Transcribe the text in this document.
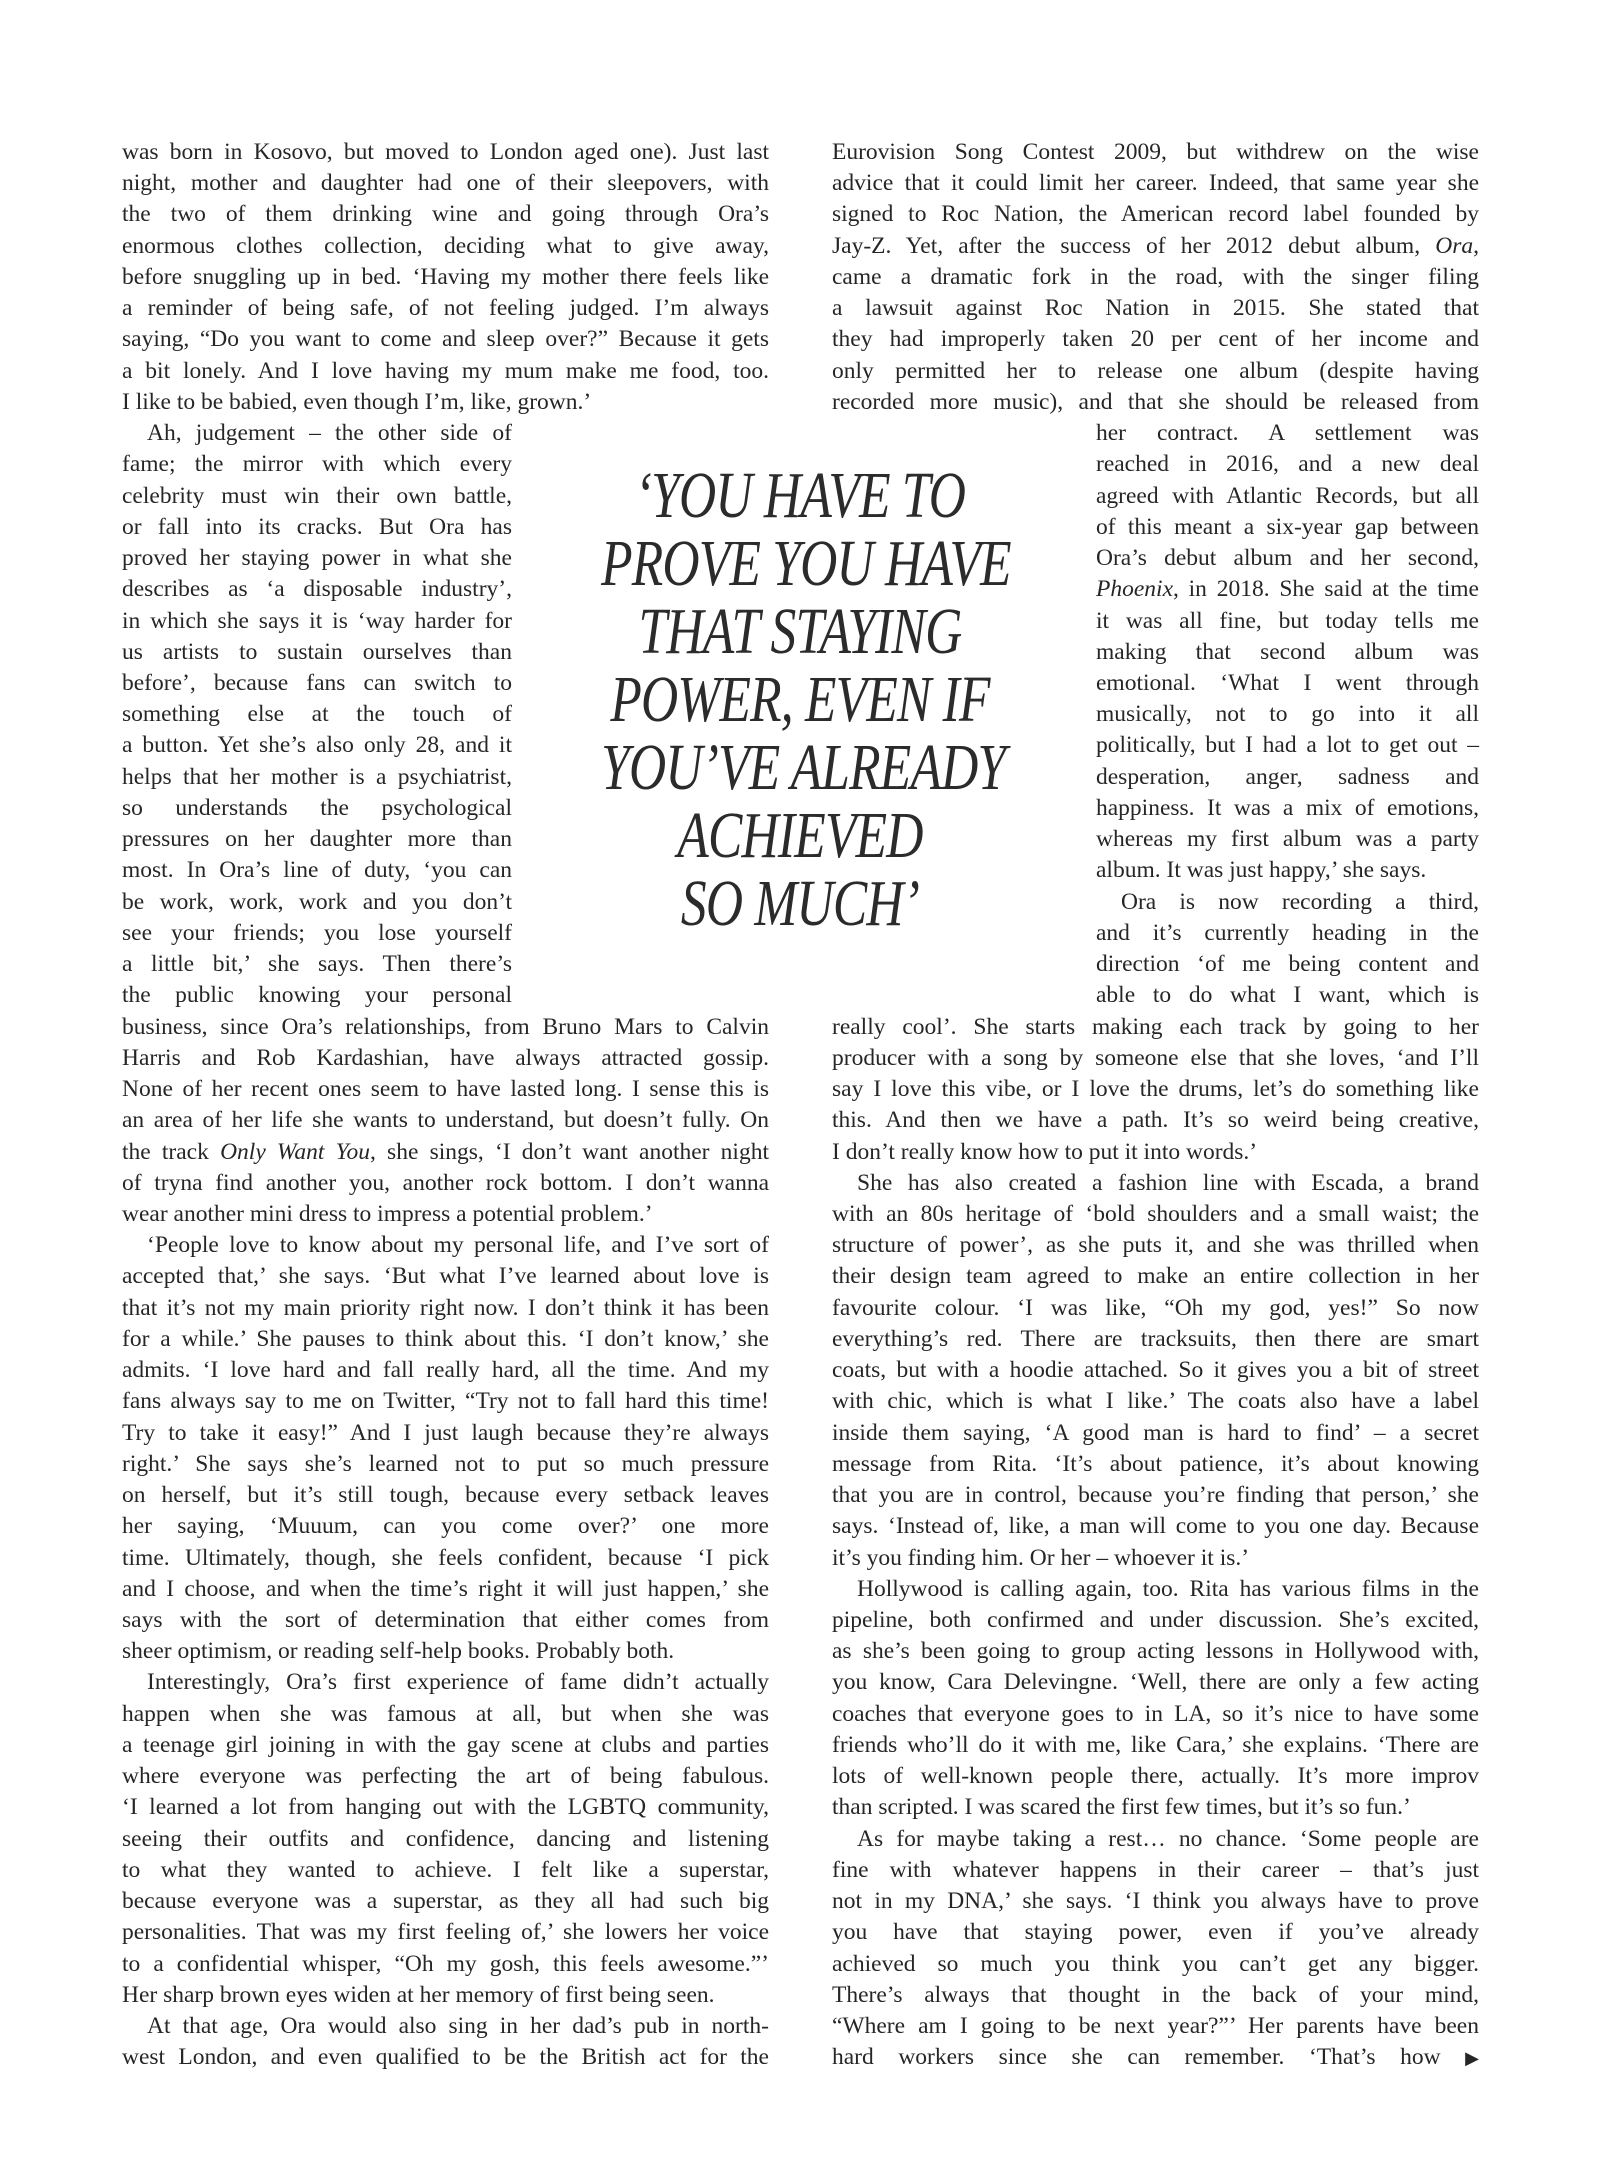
was born in Kosovo, but moved to London aged one). Just last
night, mother and daughter had one of their sleepovers, with
the two of them drinking wine and going through Ora’s
enormous clothes collection, deciding what to give away,
before snuggling up in bed. ‘Having my mother there feels like
a reminder of being safe, of not feeling judged. I’m always
saying, “Do you want to come and sleep over?” Because it gets
a bit lonely. And I love having my mum make me food, too.
I like to be babied, even though I’m, like, grown.’
Ah, judgement – the other side of
fame; the mirror with which every
celebrity must win their own battle,
or fall into its cracks. But Ora has
proved her staying power in what she
describes as ‘a disposable industry’,
in which she says it is ‘way harder for
us artists to sustain ourselves than
before’, because fans can switch to
something else at the touch of
a button. Yet she’s also only 28, and it
helps that her mother is a psychiatrist,
so understands the psychological
pressures on her daughter more than
most. In Ora’s line of duty, ‘you can
be work, work, work and you don’t
see your friends; you lose yourself
a little bit,’ she says. Then there’s
the public knowing your personal
business, since Ora’s relationships, from Bruno Mars to Calvin
Harris and Rob Kardashian, have always attracted gossip.
None of her recent ones seem to have lasted long. I sense this is
an area of her life she wants to understand, but doesn’t fully. On
the track Only Want You, she sings, ‘I don’t want another night
of tryna find another you, another rock bottom. I don’t wanna
wear another mini dress to impress a potential problem.’
‘People love to know about my personal life, and I’ve sort of
accepted that,’ she says. ‘But what I’ve learned about love is
that it’s not my main priority right now. I don’t think it has been
for a while.’ She pauses to think about this. ‘I don’t know,’ she
admits. ‘I love hard and fall really hard, all the time. And my
fans always say to me on Twitter, “Try not to fall hard this time!
Try to take it easy!” And I just laugh because they’re always
right.’ She says she’s learned not to put so much pressure
on herself, but it’s still tough, because every setback leaves
her saying, ‘Muuum, can you come over?’ one more
time. Ultimately, though, she feels confident, because ‘I pick
and I choose, and when the time’s right it will just happen,’ she
says with the sort of determination that either comes from
sheer optimism, or reading self-help books. Probably both.
Interestingly, Ora’s first experience of fame didn’t actually
happen when she was famous at all, but when she was
a teenage girl joining in with the gay scene at clubs and parties
where everyone was perfecting the art of being fabulous.
‘I learned a lot from hanging out with the LGBTQ community,
seeing their outfits and confidence, dancing and listening
to what they wanted to achieve. I felt like a superstar,
because everyone was a superstar, as they all had such big
personalities. That was my first feeling of,’ she lowers her voice
to a confidential whisper, “Oh my gosh, this feels awesome.”’
Her sharp brown eyes widen at her memory of first being seen.
At that age, Ora would also sing in her dad’s pub in north-
west London, and even qualified to be the British act for the
‘YOU HAVE TO
PROVE YOU HAVE
THAT STAYING
POWER, EVEN IF
YOU’VE ALREADY
ACHIEVED
SO MUCH’
Eurovision Song Contest 2009, but withdrew on the wise
advice that it could limit her career. Indeed, that same year she
signed to Roc Nation, the American record label founded by
Jay-Z. Yet, after the success of her 2012 debut album, Ora,
came a dramatic fork in the road, with the singer filing
a lawsuit against Roc Nation in 2015. She stated that
they had improperly taken 20 per cent of her income and
only permitted her to release one album (despite having
recorded more music), and that she should be released from
her contract. A settlement was
reached in 2016, and a new deal
agreed with Atlantic Records, but all
of this meant a six-year gap between
Ora’s debut album and her second,
Phoenix, in 2018. She said at the time
it was all fine, but today tells me
making that second album was
emotional. ‘What I went through
musically, not to go into it all
politically, but I had a lot to get out –
desperation, anger, sadness and
happiness. It was a mix of emotions,
whereas my first album was a party
album. It was just happy,’ she says.
Ora is now recording a third,
and it’s currently heading in the
direction ‘of me being content and
able to do what I want, which is
really cool’. She starts making each track by going to her
producer with a song by someone else that she loves, ‘and I’ll
say I love this vibe, or I love the drums, let’s do something like
this. And then we have a path. It’s so weird being creative,
I don’t really know how to put it into words.’
She has also created a fashion line with Escada, a brand
with an 80s heritage of ‘bold shoulders and a small waist; the
structure of power’, as she puts it, and she was thrilled when
their design team agreed to make an entire collection in her
favourite colour. ‘I was like, “Oh my god, yes!” So now
everything’s red. There are tracksuits, then there are smart
coats, but with a hoodie attached. So it gives you a bit of street
with chic, which is what I like.’ The coats also have a label
inside them saying, ‘A good man is hard to find’ – a secret
message from Rita. ‘It’s about patience, it’s about knowing
that you are in control, because you’re finding that person,’ she
says. ‘Instead of, like, a man will come to you one day. Because
it’s you finding him. Or her – whoever it is.’
Hollywood is calling again, too. Rita has various films in the
pipeline, both confirmed and under discussion. She’s excited,
as she’s been going to group acting lessons in Hollywood with,
you know, Cara Delevingne. ‘Well, there are only a few acting
coaches that everyone goes to in LA, so it’s nice to have some
friends who’ll do it with me, like Cara,’ she explains. ‘There are
lots of well-known people there, actually. It’s more improv
than scripted. I was scared the first few times, but it’s so fun.’
As for maybe taking a rest… no chance. ‘Some people are
fine with whatever happens in their career – that’s just
not in my DNA,’ she says. ‘I think you always have to prove
you have that staying power, even if you’ve already
achieved so much you think you can’t get any bigger.
There’s always that thought in the back of your mind,
“Where am I going to be next year?”’ Her parents have been
hard workers since she can remember. ‘That’s how ▶
